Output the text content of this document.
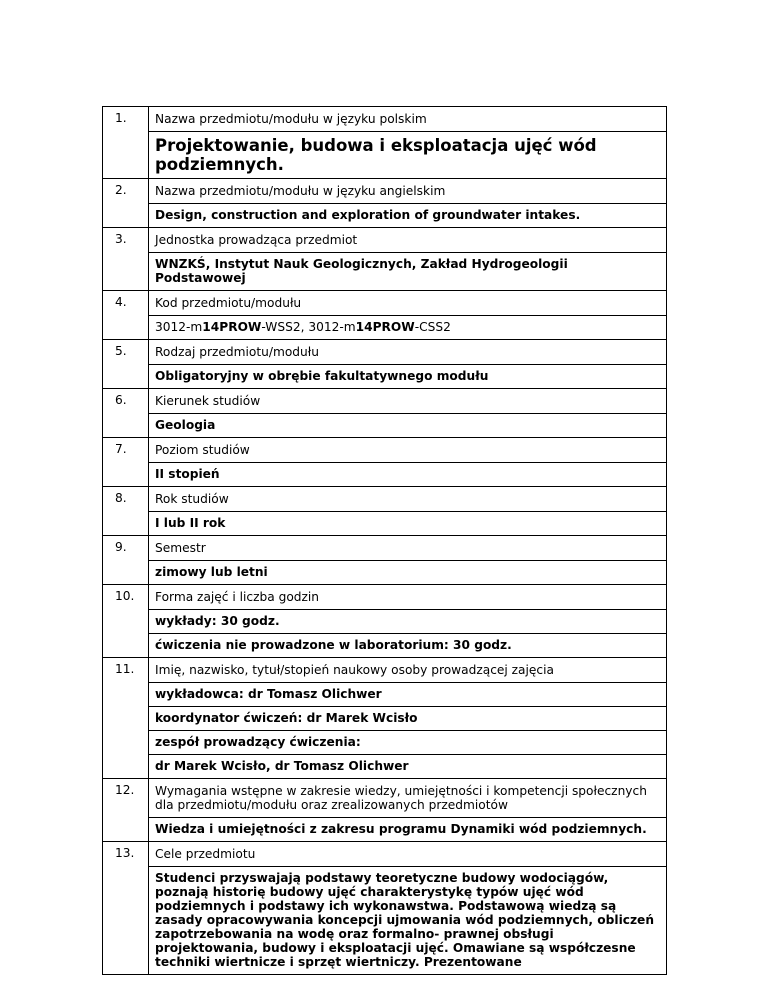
1.	Nazwa przedmiotu/modułu w języku polskim
	Projektowanie, budowa i eksploatacja ujęć wód podziemnych.
2.	Nazwa przedmiotu/modułu w języku angielskim
	Design, construction and exploration of groundwater intakes.
3.	Jednostka prowadząca przedmiot
	WNZKŚ, Instytut Nauk Geologicznych, Zakład Hydrogeologii Podstawowej
4.	Kod przedmiotu/modułu
	3012-m14PROW-WSS2, 3012-m14PROW-CSS2
5.	Rodzaj przedmiotu/modułu
	Obligatoryjny w obrębie fakultatywnego modułu
6.	Kierunek studiów
	Geologia
7.	Poziom studiów
	II stopień
8.	Rok studiów
	I lub II rok
9.	Semestr
	zimowy lub letni
10.	Forma zajęć i liczba godzin
	wykłady: 30 godz.
	ćwiczenia nie prowadzone w laboratorium: 30 godz.
11.	Imię, nazwisko, tytuł/stopień naukowy osoby prowadzącej zajęcia
	wykładowca: dr Tomasz Olichwer
	koordynator ćwiczeń: dr Marek Wcisło
	zespół prowadzący ćwiczenia:
	dr Marek Wcisło, dr Tomasz Olichwer
12.	Wymagania wstępne w zakresie wiedzy, umiejętności i kompetencji społecznych dla przedmiotu/modułu oraz zrealizowanych przedmiotów
	Wiedza i umiejętności z zakresu programu Dynamiki wód podziemnych.
13.	Cele przedmiotu
	Studenci przyswajają podstawy teoretyczne budowy wodociągów, poznają historię budowy ujęć charakterystykę typów ujęć wód podziemnych i podstawy ich wykonawstwa. Podstawową wiedzą są zasady opracowywania koncepcji ujmowania wód podziemnych, obliczeń zapotrzebowania na wodę oraz formalno- prawnej obsługi projektowania, budowy i eksploatacji ujęć. Omawiane są współczesne techniki wiertnicze i sprzęt wiertniczy. Prezentowane
